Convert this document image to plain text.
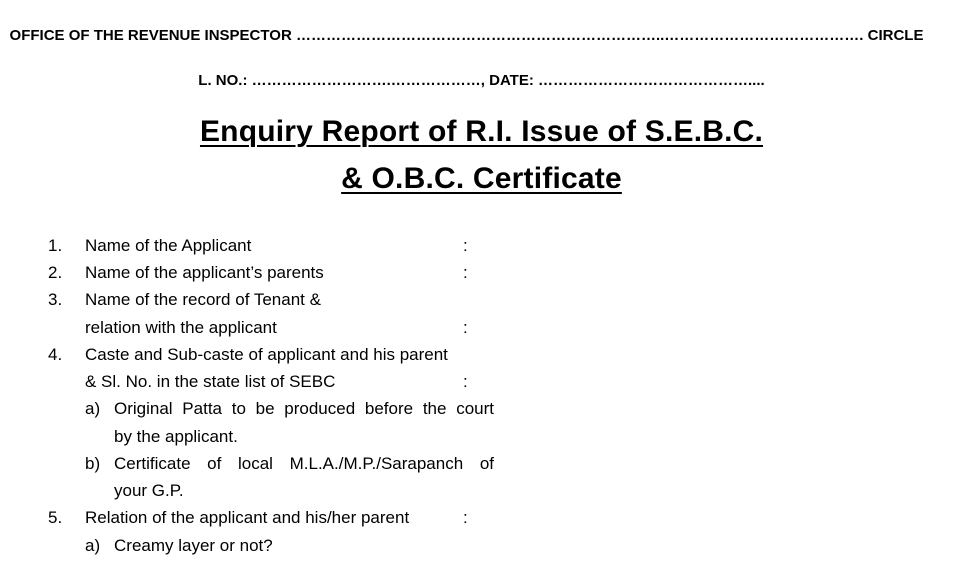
OFFICE OF THE REVENUE INSPECTOR ………………………………………………………………..…………………………………. CIRCLE
L. NO.: ……………………….………………, DATE: ……………………………………....
Enquiry Report of R.I. Issue of S.E.B.C.
& O.B.C. Certificate
1. Name of the Applicant	:
2. Name of the applicant’s parents	:
3. Name of the record of Tenant &
relation with the applicant	:
4. Caste and Sub-caste of applicant and his parent
& Sl. No. in the state list of SEBC	:
a) Original Patta to be produced before the court
by the applicant.
b) Certificate of local M.L.A./M.P./Sarapanch of
your G.P.
5. Relation of the applicant and his/her parent	:
a) Creamy layer or not?
